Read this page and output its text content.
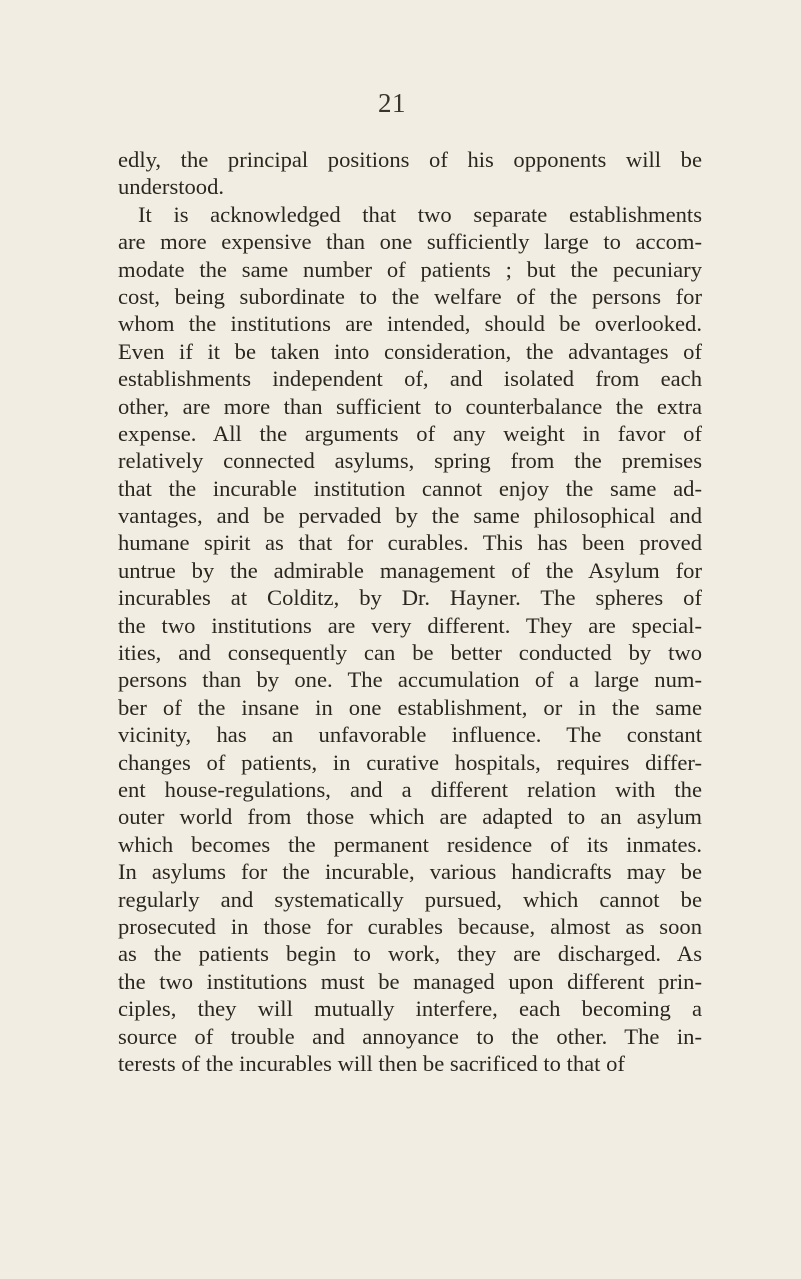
21
edly, the principal positions of his opponents will be
understood.
It is acknowledged that two separate establishments
are more expensive than one sufficiently large to accom-
modate the same number of patients ; but the pecuniary
cost, being subordinate to the welfare of the persons for
whom the institutions are intended, should be overlooked.
Even if it be taken into consideration, the advantages of
establishments independent of, and isolated from each
other, are more than sufficient to counterbalance the extra
expense. All the arguments of any weight in favor of
relatively connected asylums, spring from the premises
that the incurable institution cannot enjoy the same ad-
vantages, and be pervaded by the same philosophical and
humane spirit as that for curables. This has been proved
untrue by the admirable management of the Asylum for
incurables at Colditz, by Dr. Hayner. The spheres of
the two institutions are very different. They are special-
ities, and consequently can be better conducted by two
persons than by one. The accumulation of a large num-
ber of the insane in one establishment, or in the same
vicinity, has an unfavorable influence. The constant
changes of patients, in curative hospitals, requires differ-
ent house-regulations, and a different relation with the
outer world from those which are adapted to an asylum
which becomes the permanent residence of its inmates.
In asylums for the incurable, various handicrafts may be
regularly and systematically pursued, which cannot be
prosecuted in those for curables because, almost as soon
as the patients begin to work, they are discharged. As
the two institutions must be managed upon different prin-
ciples, they will mutually interfere, each becoming a
source of trouble and annoyance to the other. The in-
terests of the incurables will then be sacrificed to that of
